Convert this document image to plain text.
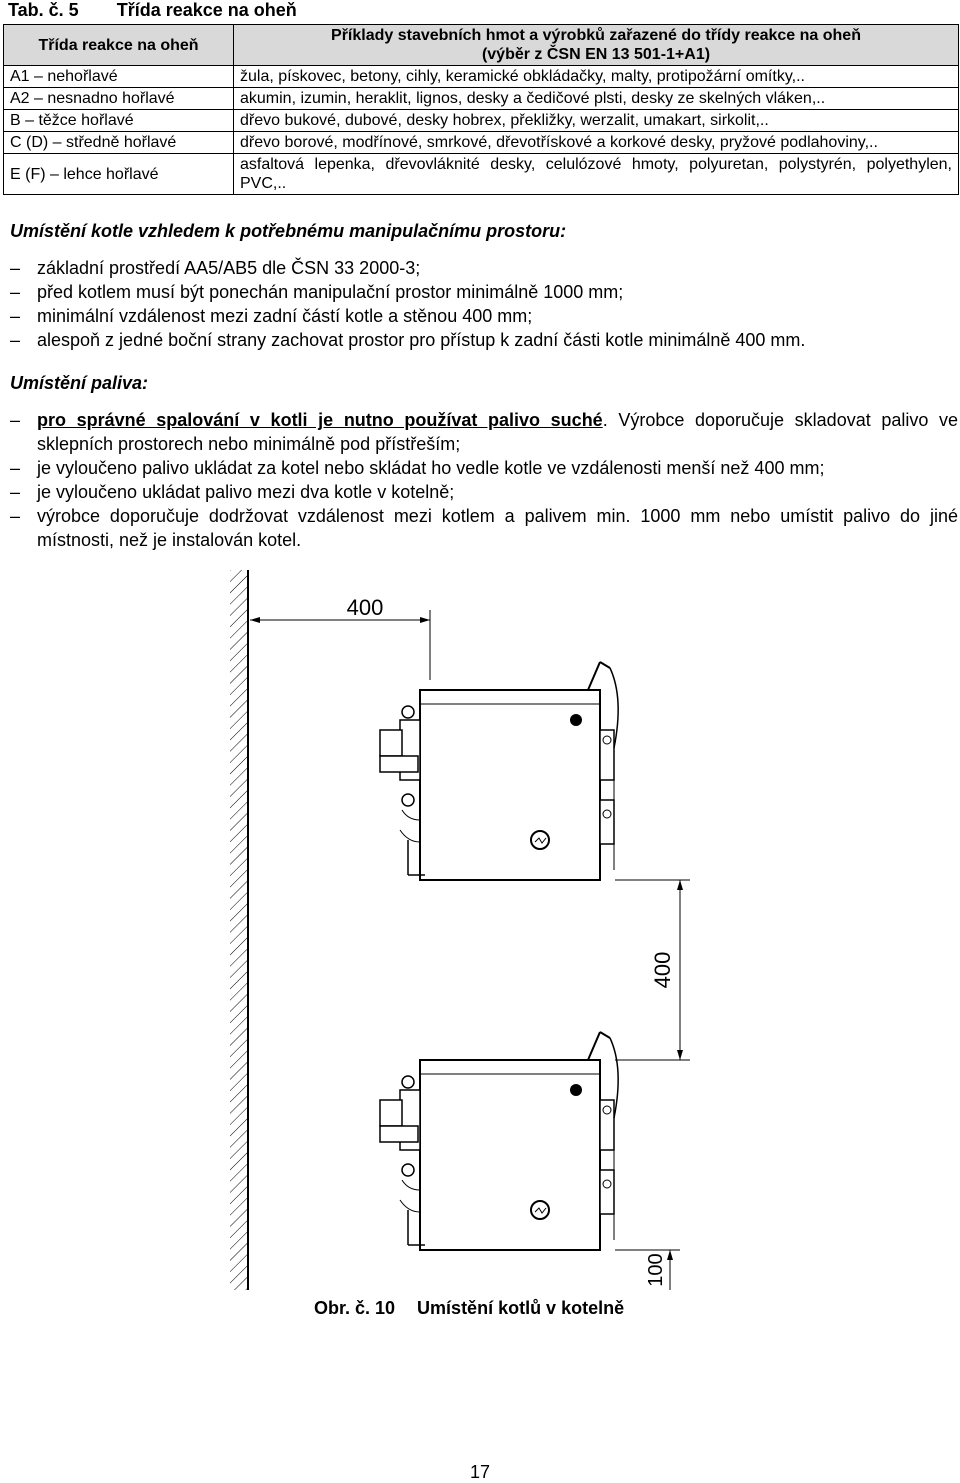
Tab. č. 5 Třída reakce na oheň
Třída reakce na oheň	Příklady stavebních hmot a výrobků zařazené do třídy reakce na oheň
(výběr z ČSN EN 13 501-1+A1)

A1 – nehořlavé	žula, pískovec, betony, cihly, keramické obkládačky, malty, protipožární omítky,..
A2 – nesnadno hořlavé	akumin, izumin, heraklit, lignos, desky a čedičové plsti, desky ze skelných vláken,..
B – těžce hořlavé	dřevo bukové, dubové, desky hobrex, překližky, werzalit, umakart, sirkolit,..
C (D) – středně hořlavé	dřevo borové, modřínové, smrkové, dřevotřískové a korkové desky, pryžové podlahoviny,..
E (F) – lehce hořlavé	asfaltová lepenka, dřevovláknité desky, celulózové hmoty, polyuretan, polystyrén, polyethylen, PVC,..
Umístění kotle vzhledem k potřebnému manipulačnímu prostoru:
– základní prostředí AA5/AB5 dle ČSN 33 2000-3;
– před kotlem musí být ponechán manipulační prostor minimálně 1000 mm;
– minimální vzdálenost mezi zadní částí kotle a stěnou 400 mm;
– alespoň z jedné boční strany zachovat prostor pro přístup k zadní části kotle minimálně 400 mm.
Umístění paliva:
– pro správné spalování v kotli je nutno používat palivo suché. Výrobce doporučuje skladovat palivo ve sklepních prostorech nebo minimálně pod přístřeším;
– je vyloučeno palivo ukládat za kotel nebo skládat ho vedle kotle ve vzdálenosti menší než 400 mm;
– je vyloučeno ukládat palivo mezi dva kotle v kotelně;
– výrobce doporučuje dodržovat vzdálenost mezi kotlem a palivem min. 1000 mm nebo umístit palivo do jiné místnosti, než je instalován kotel.
400
400
100
Obr. č. 10 Umístění kotlů v kotelně
17
